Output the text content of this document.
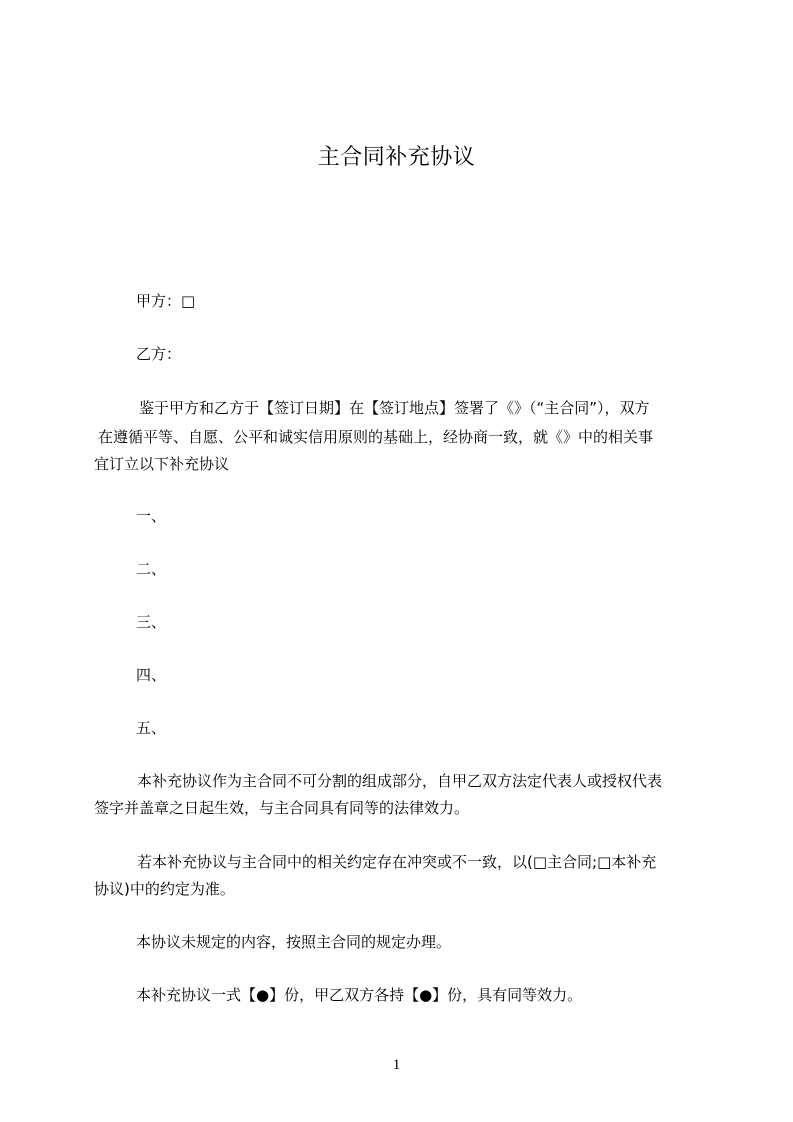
主合同补充协议
甲方：□
乙方：
鉴于甲方和乙方于【签订日期】在【签订地点】签署了《》（“主合同”），双方
在遵循平等、自愿、公平和诚实信用原则的基础上，经协商一致，就《》中的相关事
宜订立以下补充协议
一、
二、
三、
四、
五、
本补充协议作为主合同不可分割的组成部分，自甲乙双方法定代表人或授权代表
签字并盖章之日起生效，与主合同具有同等的法律效力。
若本补充协议与主合同中的相关约定存在冲突或不一致，以(□主合同;□本补充
协议)中的约定为准。
本协议未规定的内容，按照主合同的规定办理。
本补充协议一式【●】份，甲乙双方各持【●】份，具有同等效力。
1
